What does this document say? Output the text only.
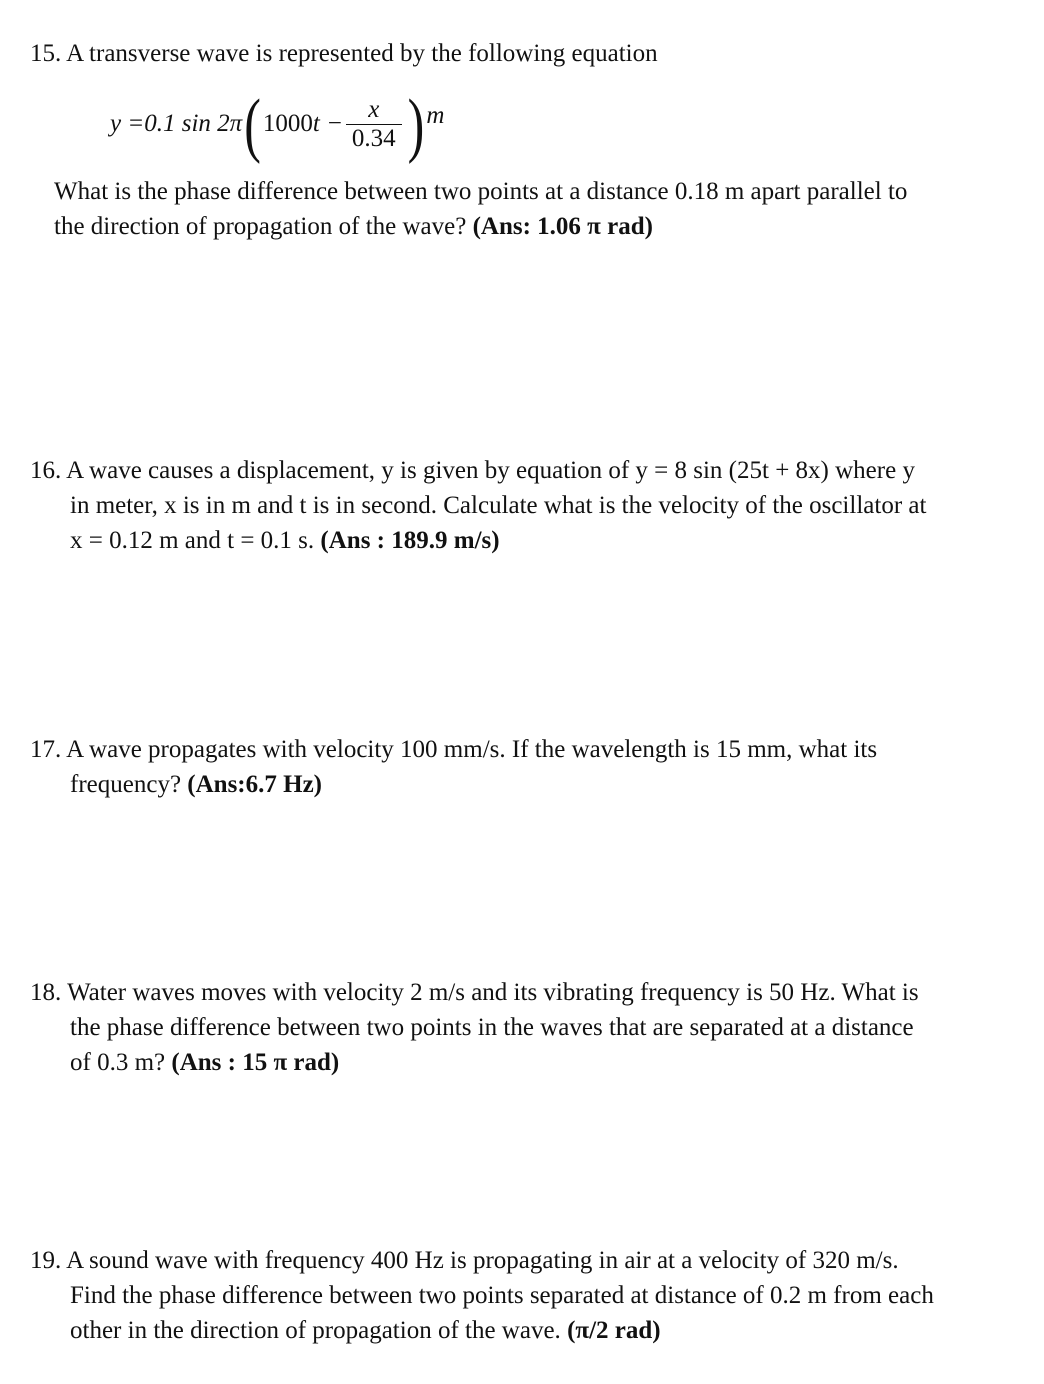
15. A transverse wave is represented by the following equation

y =0.1 sin 2 π ( 1000 $t - \frac{x}{0.34}$ ) m

What is the phase difference between two points at a distance 0.18 m apart parallel to

the direction of propagation of the wave? (Ans: 1.06 π rad)

16. A wave causes a displacement, y is given by equation of y = 8 sin (25t + 8x) where y

in meter, x is in m and t is in second. Calculate what is the velocity of the oscillator at

x = 0.12 m and t = 0.1 s. (Ans : 189.9 m/s)

17. A wave propagates with velocity 100 mm/s. If the wavelength is 15 mm, what its

frequency? (Ans:6.7 Hz)

18. Water waves moves with velocity 2 m/s and its vibrating frequency is 50 Hz. What is

the phase difference between two points in the waves that are separated at a distance

of 0.3 m? (Ans : 15 π rad)

19. A sound wave with frequency 400 Hz is propagating in air at a velocity of 320 m/s.

Find the phase difference between two points separated at distance of 0.2 m from each

other in the direction of propagation of the wave. (π/2 rad)
